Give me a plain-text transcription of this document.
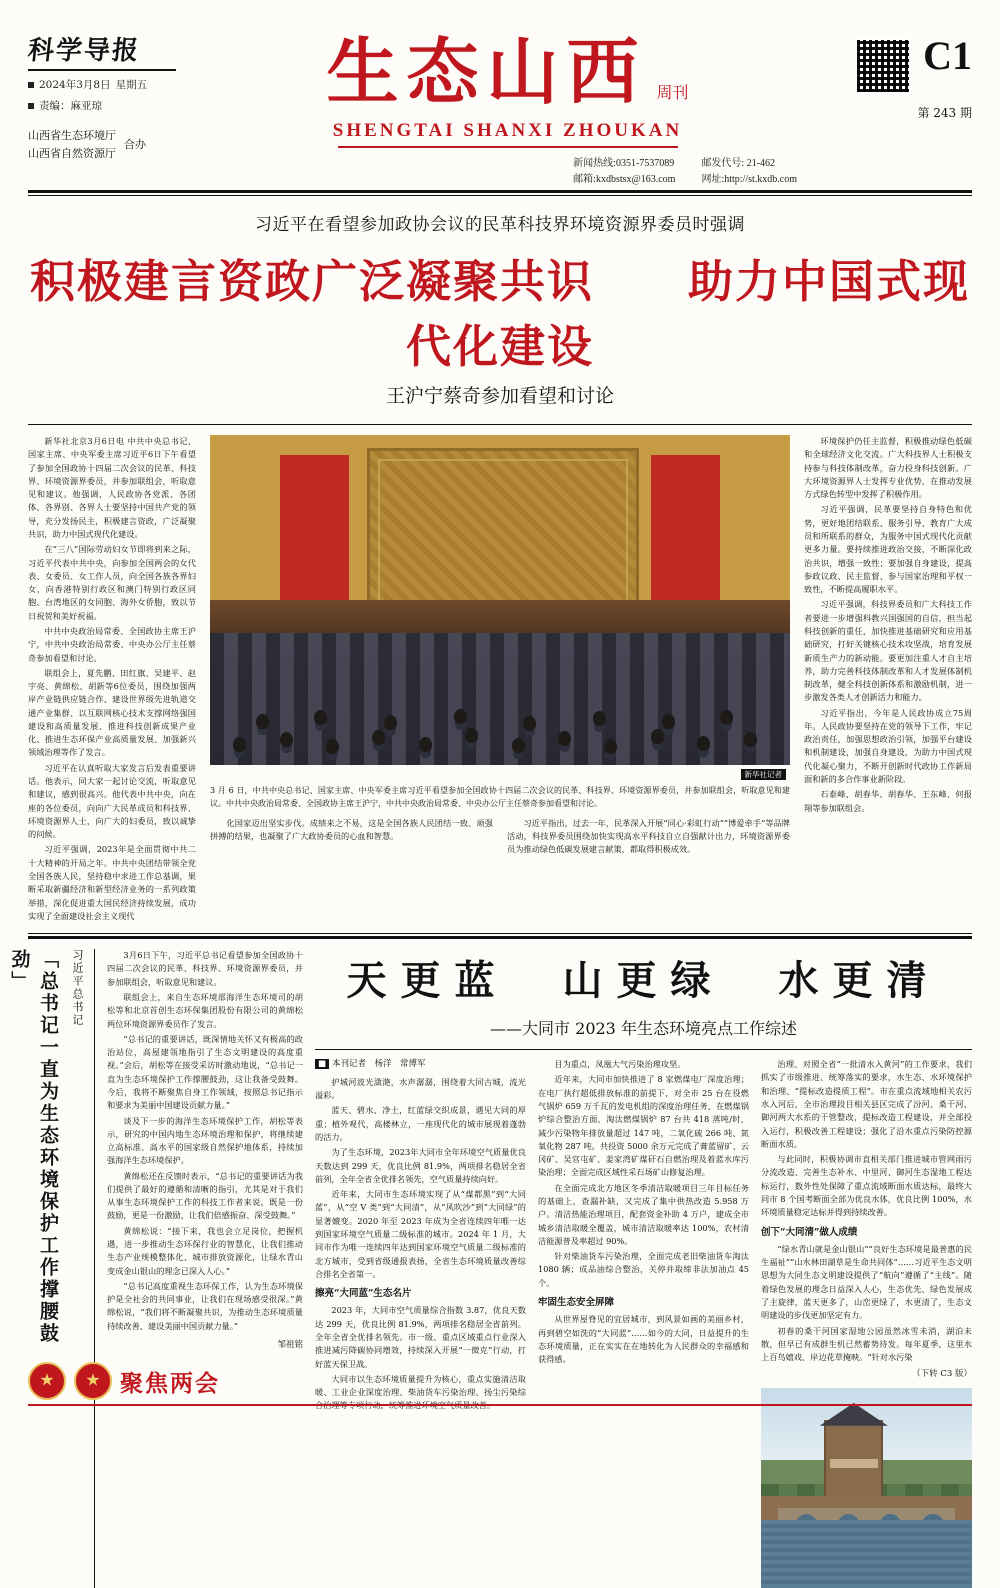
科学导报
2024年3月8日 星期五
责编：麻亚琼
山西省生态环境厅
山西省自然资源厅
合办
生态山西 周刊
SHENGTAI SHANXI ZHOUKAN
新闻热线:0351-7537089
邮箱:kxdbstsx@163.com
邮发代号: 21-462
网址:http://st.kxdb.com
C1
第 243 期
习近平在看望参加政协会议的民革科技界环境资源界委员时强调
积极建言资政广泛凝聚共识　　助力中国式现代化建设
王沪宁蔡奇参加看望和讨论

新华社北京3月6日电 中共中央总书记、国家主席、中央军委主席习近平6日下午看望了参加全国政协十四届二次会议的民革、科技界、环境资源界委员，并参加联组会，听取意见和建议。他强调，人民政协各党派、各团体、各界别、各界人士要坚持中国共产党的领导，充分发扬民主，积极建言资政，广泛凝聚共识，助力中国式现代化建设。

在“三八”国际劳动妇女节即将到来之际，习近平代表中共中央，向参加全国两会的女代表、女委员、女工作人员，向全国各族各界妇女，向香港特别行政区和澳门特别行政区同胞、台湾地区的女同胞、海外女侨胞，致以节日祝贺和美好祝福。

中共中央政治局常委、全国政协主席王沪宁，中共中央政治局常委、中央办公厅主任蔡奇参加看望和讨论。

联组会上，夏先鹏、田红旗、吴建平、赵宇亮、黄绵松、胡新等6位委员，围绕加强两岸产业链供应链合作、建设世界级先进轨道交通产业集群、以互联网核心技术支撑网络强国建设和高质量发展、推进科技创新成果产业化、推进生态环保产业高质量发展、加强新兴领域治理等作了发言。

习近平在认真听取大家发言后发表重要讲话。他表示，同大家一起讨论交流，听取意见和建议，感到很高兴。他代表中共中央，向在座的各位委员，向向广大民革成员和科技界、环境资源界人士，向广大的妇委员，致以诚挚的问候。

习近平强调，2023年是全面贯彻中共二十大精神的开局之年。中共中央团结带领全党全国各族人民，坚持稳中求进工作总基调，果断采取新疆经济和新型经济业务的一系列政策举措，深化促进重大国民经济持续发展，成功实现了全面建设社会主义现代

新华社记者
3 月 6 日，中共中央总书记、国家主席、中央军委主席习近平看望参加全国政协十四届二次会议的民革、科技界、环境资源界委员，并参加联组会，听取意见和建议。中共中央政治局常委、全国政协主席王沪宁，中共中央政治局常委、中央办公厅主任蔡奇参加看望和讨论。

化国家迈出坚实步伐。成绩来之不易，这是全国各族人民团结一致、顽强拼搏的结果，也凝聚了广大政协委员的心血和智慧。

习近平指出，过去一年，民革深入开展“同心·彩虹行动”“博爱牵手”等品牌活动，科技界委员围绕加快实现高水平科技自立自强献计出力，环境资源界委员为推动绿色低碳发展建言献策，都取得积极成效。

环境保护仍任主监督，积极推动绿色低碳和全球经济文化交流。广大科技界人士积极支持参与科技体制改革，奋力投身科技创新。广大环境资源界人士发挥专业优势，在推动发展方式绿色转型中发挥了积极作用。

习近平强调，民革要坚持自身特色和优势，更好地团结联系、服务引导、教育广大成员和所联系的群众，为服务中国式现代化贡献更多力量。要持续推进政治交接，不断深化政治共识，增强一致性；要加强自身建设，提高参政议政、民主监督、参与国家治理和平权一致性，不断提高履职水平。

习近平强调，科技界委员和广大科技工作者要进一步增强科教兴国强国的自信，担当起科技创新的重任，加快推进基础研究和应用基础研究，打好关键核心技术攻坚战，培育发展新质生产力的新动能。要更加注重人才自主培养，助力完善科技体制改革和人才发展体制机制改革，健全科技创新体系和激励机制，进一步激发各类人才创新活力和能力。

习近平指出，今年是人民政协成立75周年。人民政协要坚持在党的领导下工作，牢记政治责任，加强思想政治引领，加强平台建设和机制建设，加强自身建设，为助力中国式现代化凝心聚力，不断开创新时代政协工作新局面和新的多合作事业新阶段。

石泰峰、胡春华、胡春华、王东峰、何报翔等参加联组会。

习近平总书记
「总书记一直为生态环境保护工作撑腰鼓劲」	3月6日下午，习近平总书记看望参加全国政协十四届二次会议的民革、科技界、环境资源界委员，并参加联组会，听取意见和建议。

联组会上，来自生态环境部海洋生态环境司的胡松等和北京首创生态环保集团股份有限公司的黄绵松两位环境资源界委员作了发言。

“总书记的重要讲话，既深情地关怀又有极高的政治站位，高屋建瓴地指引了生态文明建设的高度重视。”会后，胡松等在接受采访时激动地说，“总书记一直为生态环境保护工作撑腰鼓劲，这让我备受鼓舞。今后，我将不断聚焦自身工作领域，按照总书记指示和要求为美丽中国建设贡献力量。”

谈及下一步的海洋生态环境保护工作，胡松等表示，研究的中国内地生态环境治理和保护，将继续建立高标准、高水平的国家级自然保护地体系，持续加强海洋生态环境保护。

黄绵松还在反馈时表示，“总书记的重要讲话为我们提供了最好的遵循和清晰的指引，尤其是对于我们从事生态环境保护工作的科技工作者来说，既是一份鼓励，更是一份激励，让我们倍感振奋、深受鼓舞。”

黄绵松说：“接下来，我也会立足岗位，把握机遇，进一步推动生态环保行业的智慧化，让我们推动生态产业规模整体化、城市排放资源化，让绿水青山变成金山银山的理念已深入人心。”

“总书记高度重视生态环保工作，认为生态环境保护是全社会的共同事业，让我们在现场感受很深。”黄绵松说，“我们将不断凝聚共识，为推动生态环境质量持续改善、建设美丽中国贡献力量。”

邹祖铭
天更蓝　山更绿　水更清
——大同市 2023 年生态环境亮点工作综述
■ 本刊记者　杨洋　常博军

护城河波光潋滟，水声潺潺，围绕着大同古城，流光溢彩。

蓝天、碧水、净土，红蓝绿交织成景，遇见大同的厚重；植外观代，高楼林立，一座现代化的城市展现着蓬勃的活力。

为了生态环境，2023年大同市全年环境空气质量优良天数达到 299 天，优良比例 81.9%，两项排名稳居全省前列，全年全省全优排名领先，空气质量持续向好。

近年来，大同市生态环境实现了从“煤都黑”到“大同蓝”，从“空 V 类”到“大同清”，从“风吹沙”到“大同绿”的显著嬗变。2020 年至 2023 年成为全省连续四年唯一达到国家环境空气质量二级标准的城市。2024 年 1 月，大同市作为唯一连续四年达到国家环境空气质量二级标准的北方城市，受到省级通报表扬，全省生态环境质量改善综合排名全省第一。

擦亮“大同蓝”生态名片

2023 年，大同市空气质量综合指数 3.87，优良天数达 299 天，优良比例 81.9%，两项排名稳居全省前列。全年全省全优排名领先。市一级、重点区域重点行业深入推进减污降碳协同增效，持续深入开展“一微克”行动，打好蓝天保卫战。

大同市以生态环境质量提升为核心，重点实施清洁取暖、工业企业深度治理、柴油货车污染治理、扬尘污染综合治理等专项行动，统筹推进环境空气质量改善。

目为重点，凤凰大气污染治理攻坚。

近年来，大同市加快推进了 8 家燃煤电厂深度治理；在电厂执行超低排放标准的前提下，对全市 25 台在役燃气锅炉 659 万千瓦的发电机组的深度治理任务，在燃煤锅炉综合整治方面，淘汰燃煤锅炉 87 台共 418 蒸吨/时，减少污染物年排放量超过 147 吨，二氧化硫 266 吨、氮氧化物 287 吨。共投资 5000 余万元完成了膏蓝留矿、云冈矿、吴官屯矿、姜家湾矿煤矸石自燃治理及着蓝水库污染治理；全面完成区域性采石场矿山修复治理。

在全面完成北方地区冬季清洁取暖项目三年目标任务的基础上，查漏补缺，又完成了集中供热改造 5.958 万户。清洁热能治理项目，配套资金补助 4 万户，建成全市城乡清洁取暖全覆盖，城市清洁取暖率达 100%，农村清洁能源普及率超过 90%。

针对柴油货车污染治理，全面完成老旧柴油货车淘汰 1080 辆；成品油综合整治，关停并取缔非法加油点 45 个。

牢固生态安全屏障

从世界屋脊见的宜居城市，到风景如画的美丽乡村，再到碧空如洗的“大同蓝”……如今的大同，日益提升的生态环境质量，正在实实在在地转化为人民群众的幸福感和获得感。

治理、对照全省“一批清水入黄河”的工作要求，我们抓实了市级推进、统筹落实的要求，水生态、水环境保护和治理、“提标改造提质工程”。市在重点流域地相关农污水入河后，全市治理段目相关县区完成了汾河、桑干河、御河两大水系的干管整改，提标改造工程建设，并全部投入运行，积极改善工程建设；强化了沿水重点污染防控源断面水质。

与此同时，积极协调市直相关部门推进城市管网雨污分流改造、完善生态补水、中里河、御河生态湿地工程达标运行，数外性处保障了重点流域断面水质达标，最终大同市 8 个国考断面全部为优良水体，优良比例 100%，水环境质量稳定达标并得到持续改善。

创下“大同清”做人成绩

“绿水青山就是金山银山”“良好生态环境是最普惠的民生福祉”“山水林田湖草是生命共同体”……习近平生态文明思想为大同生态文明建设提供了“航向”遵循了“主线”。随着绿色发展的理念日益深入人心，生态优先、绿色发展成了主旋律，蓝天更多了，山峦更绿了，水更清了，生态文明建设的步伐更加坚定有力。

初春的桑干河国家湿地公园虽然冰雪未消，湖泊未散，但早已有成群生机已然蓄势待发。每年夏季，这里水上百鸟嬉戏、岸边花草掩映。“针对水污染

（下转 C3 版）
★
★
聚焦两会
